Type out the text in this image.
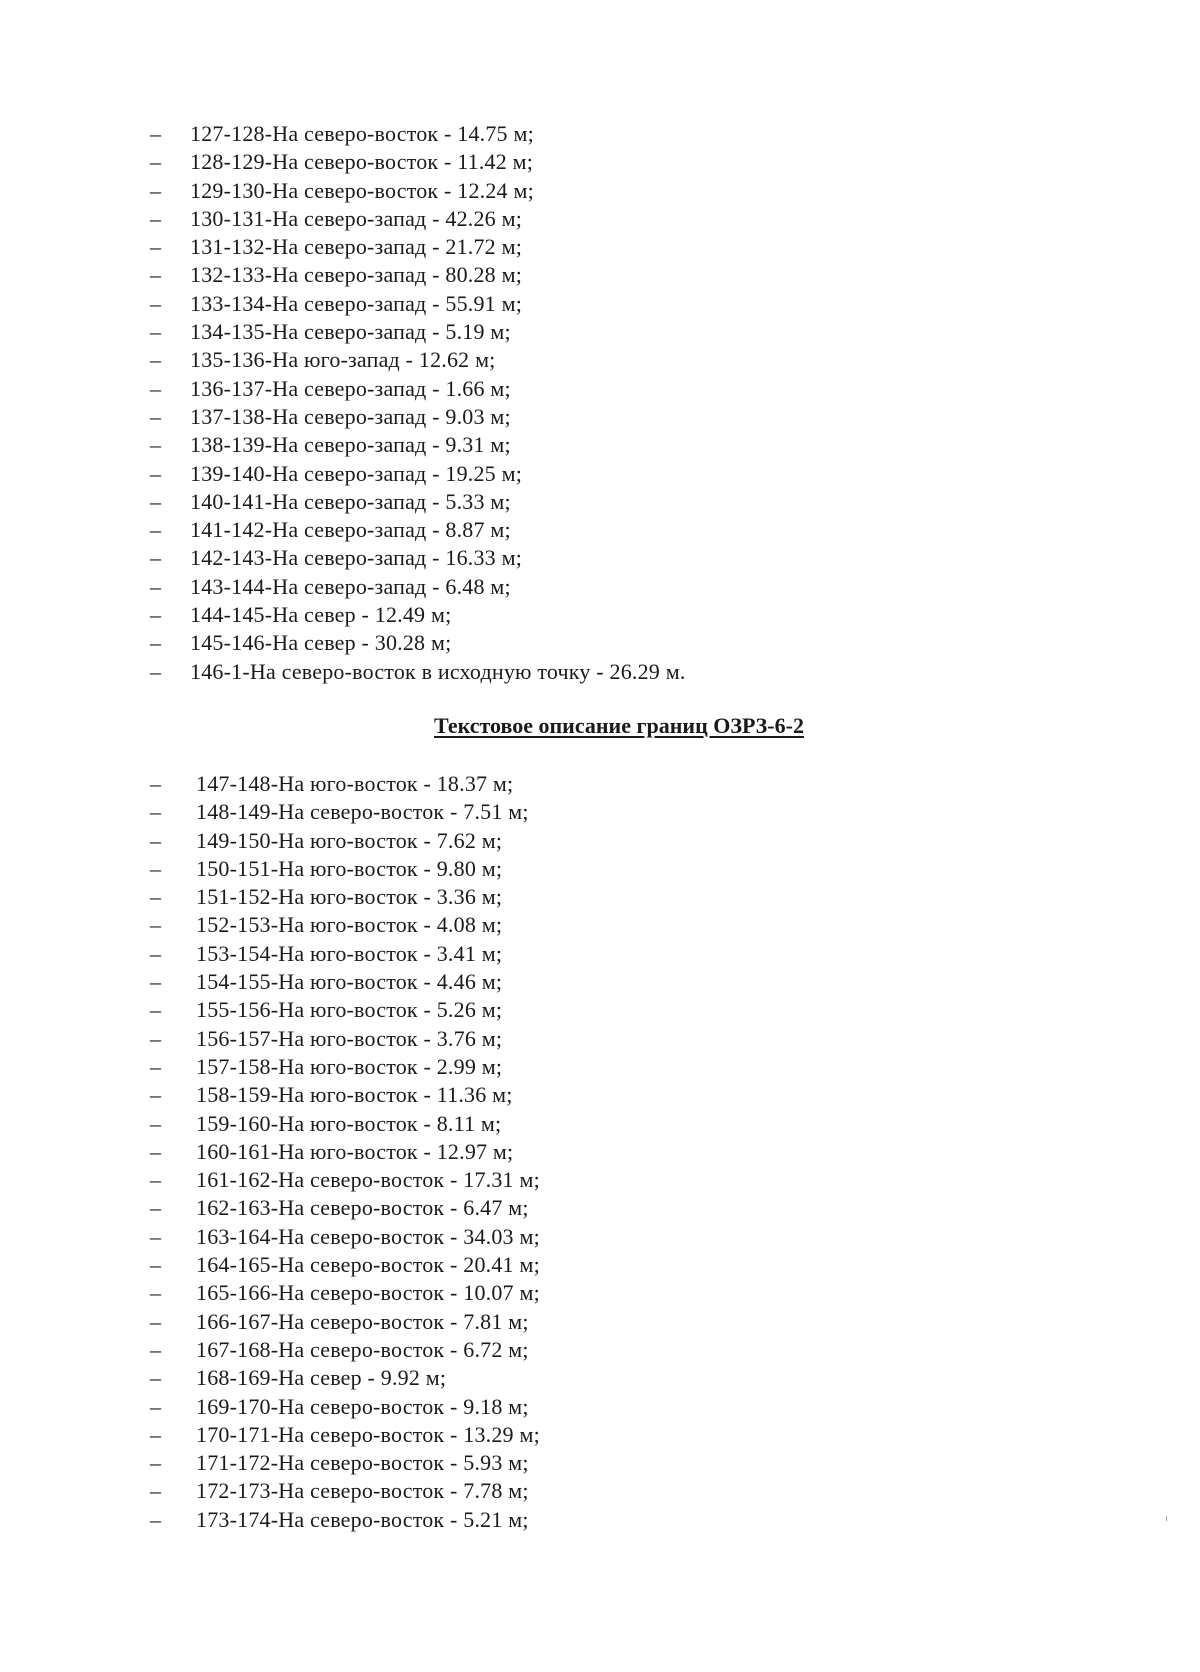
– 127-128-На северо-восток - 14.75 м;
– 128-129-На северо-восток - 11.42 м;
– 129-130-На северо-восток - 12.24 м;
– 130-131-На северо-запад - 42.26 м;
– 131-132-На северо-запад - 21.72 м;
– 132-133-На северо-запад - 80.28 м;
– 133-134-На северо-запад - 55.91 м;
– 134-135-На северо-запад - 5.19 м;
– 135-136-На юго-запад - 12.62 м;
– 136-137-На северо-запад - 1.66 м;
– 137-138-На северо-запад - 9.03 м;
– 138-139-На северо-запад - 9.31 м;
– 139-140-На северо-запад - 19.25 м;
– 140-141-На северо-запад - 5.33 м;
– 141-142-На северо-запад - 8.87 м;
– 142-143-На северо-запад - 16.33 м;
– 143-144-На северо-запад - 6.48 м;
– 144-145-На север - 12.49 м;
– 145-146-На север - 30.28 м;
– 146-1-На северо-восток в исходную точку - 26.29 м.
Текстовое описание границ ОЗРЗ-6-2
– 147-148-На юго-восток - 18.37 м;
– 148-149-На северо-восток - 7.51 м;
– 149-150-На юго-восток - 7.62 м;
– 150-151-На юго-восток - 9.80 м;
– 151-152-На юго-восток - 3.36 м;
– 152-153-На юго-восток - 4.08 м;
– 153-154-На юго-восток - 3.41 м;
– 154-155-На юго-восток - 4.46 м;
– 155-156-На юго-восток - 5.26 м;
– 156-157-На юго-восток - 3.76 м;
– 157-158-На юго-восток - 2.99 м;
– 158-159-На юго-восток - 11.36 м;
– 159-160-На юго-восток - 8.11 м;
– 160-161-На юго-восток - 12.97 м;
– 161-162-На северо-восток - 17.31 м;
– 162-163-На северо-восток - 6.47 м;
– 163-164-На северо-восток - 34.03 м;
– 164-165-На северо-восток - 20.41 м;
– 165-166-На северо-восток - 10.07 м;
– 166-167-На северо-восток - 7.81 м;
– 167-168-На северо-восток - 6.72 м;
– 168-169-На север - 9.92 м;
– 169-170-На северо-восток - 9.18 м;
– 170-171-На северо-восток - 13.29 м;
– 171-172-На северо-восток - 5.93 м;
– 172-173-На северо-восток - 7.78 м;
– 173-174-На северо-восток - 5.21 м;
